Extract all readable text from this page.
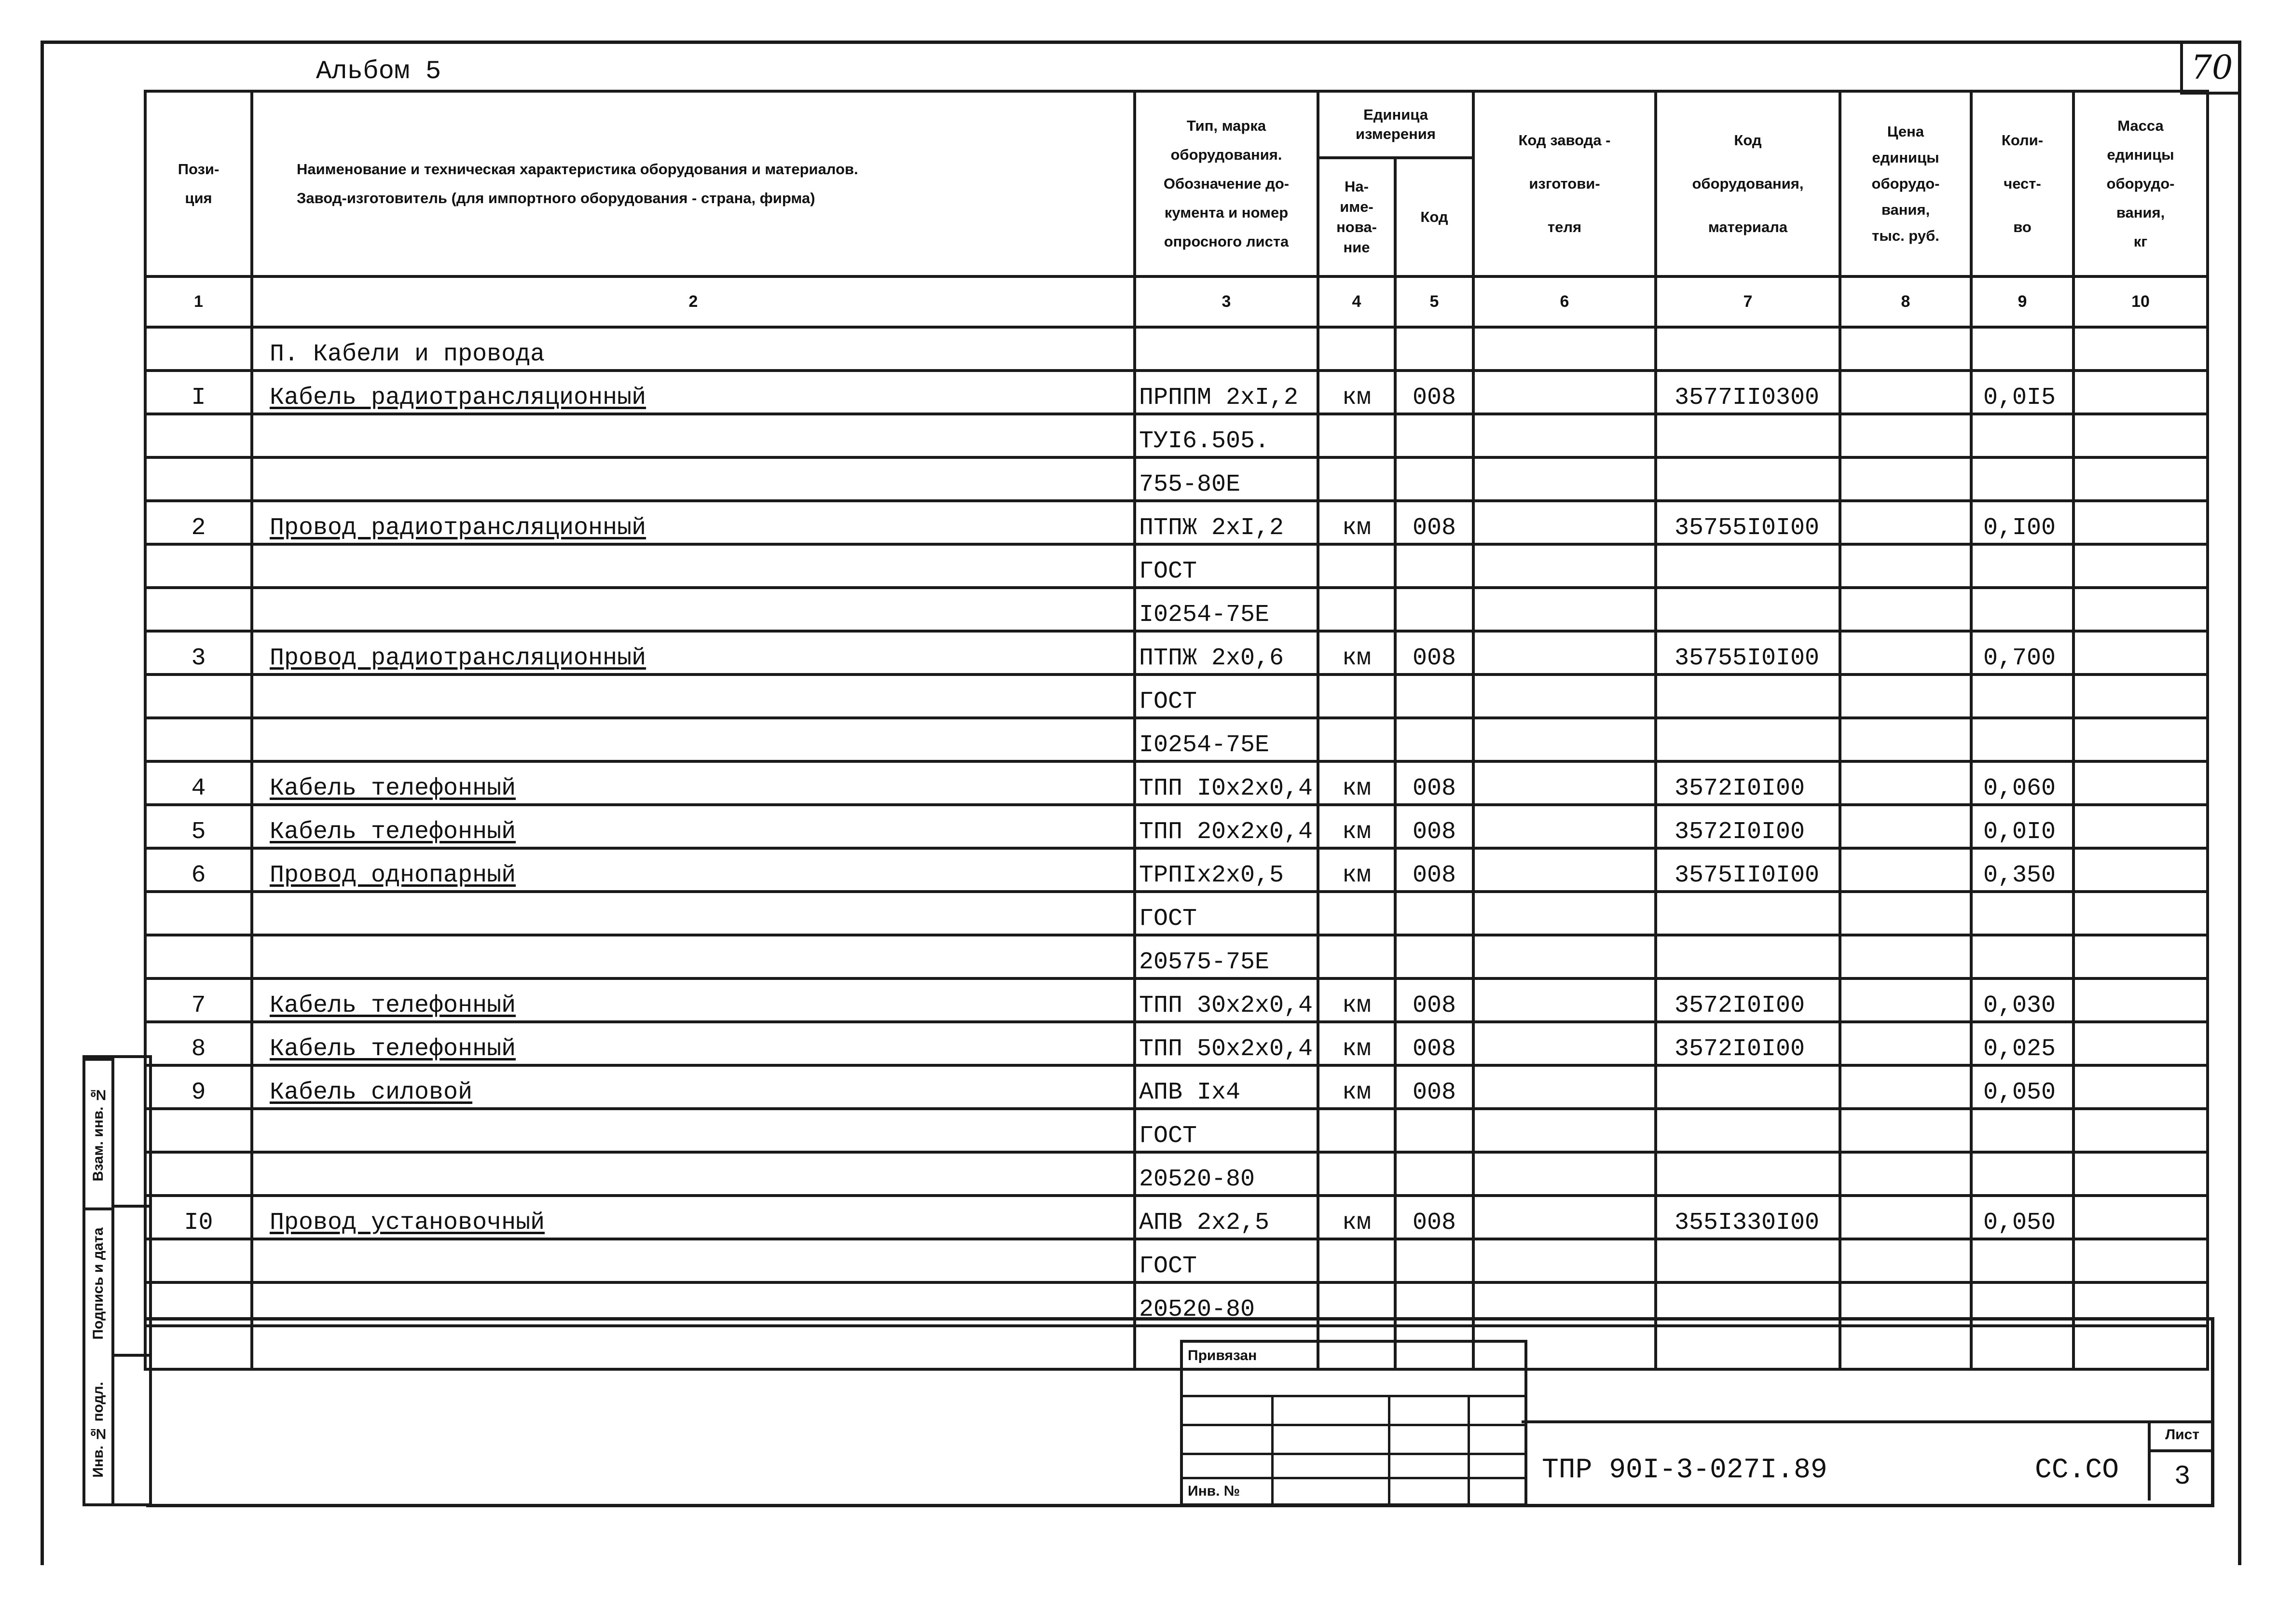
70
Альбом 5
Пози-
ция	Наименование и техническая характеристика оборудования и материалов.
Завод-изготовитель (для импортного оборудования - страна, фирма)	Тип, марка
оборудования.
Обозначение до-
кумента и номер
опросного листа	Единица
измерения		Код завода -
изготови-
теля	Код
оборудования,
материала	Цена
единицы
оборудо-
вания,
тыс. руб.	Коли-
чест-
во	Масса
единицы
оборудо-
вания,
кг

			На-
име-
нова-
ние	Код					
1	2	3	4	5	6	7	8	9	10
	П. Кабели и провода								
I	Кабель радиотрансляционный	ПРППМ 2хI,2	км	008		3577II0300		0,0I5	
		ТУI6.505.							
		755-80Е							
2	Провод радиотрансляционный	ПТПЖ 2хI,2	км	008		35755I0I00		0,I00	
		ГОСТ							
		I0254-75Е							
3	Провод радиотрансляционный	ПТПЖ 2х0,6	км	008		35755I0I00		0,700	
		ГОСТ							
		I0254-75Е							
4	Кабель телефонный	ТПП I0х2х0,4	км	008		3572I0I00		0,060	
5	Кабель телефонный	ТПП 20х2х0,4	км	008		3572I0I00		0,0I0	
6	Провод однопарный	ТРПIх2х0,5	км	008		3575II0I00		0,350	
		ГОСТ							
		20575-75Е							
7	Кабель телефонный	ТПП 30х2х0,4	км	008		3572I0I00		0,030	
8	Кабель телефонный	ТПП 50х2х0,4	км	008		3572I0I00		0,025	
9	Кабель силовой	АПВ Iх4	км	008				0,050	
		ГОСТ							
		20520-80							
I0	Провод установочный	АПВ 2х2,5	км	008		355I330I00		0,050	
		ГОСТ							
		20520-80							

Взам. инв. №
Подпись и дата
Инв. № подл.
Привязан
Инв. №
ТПР 90I-3-027І.89	СС.СО
Лист
3
